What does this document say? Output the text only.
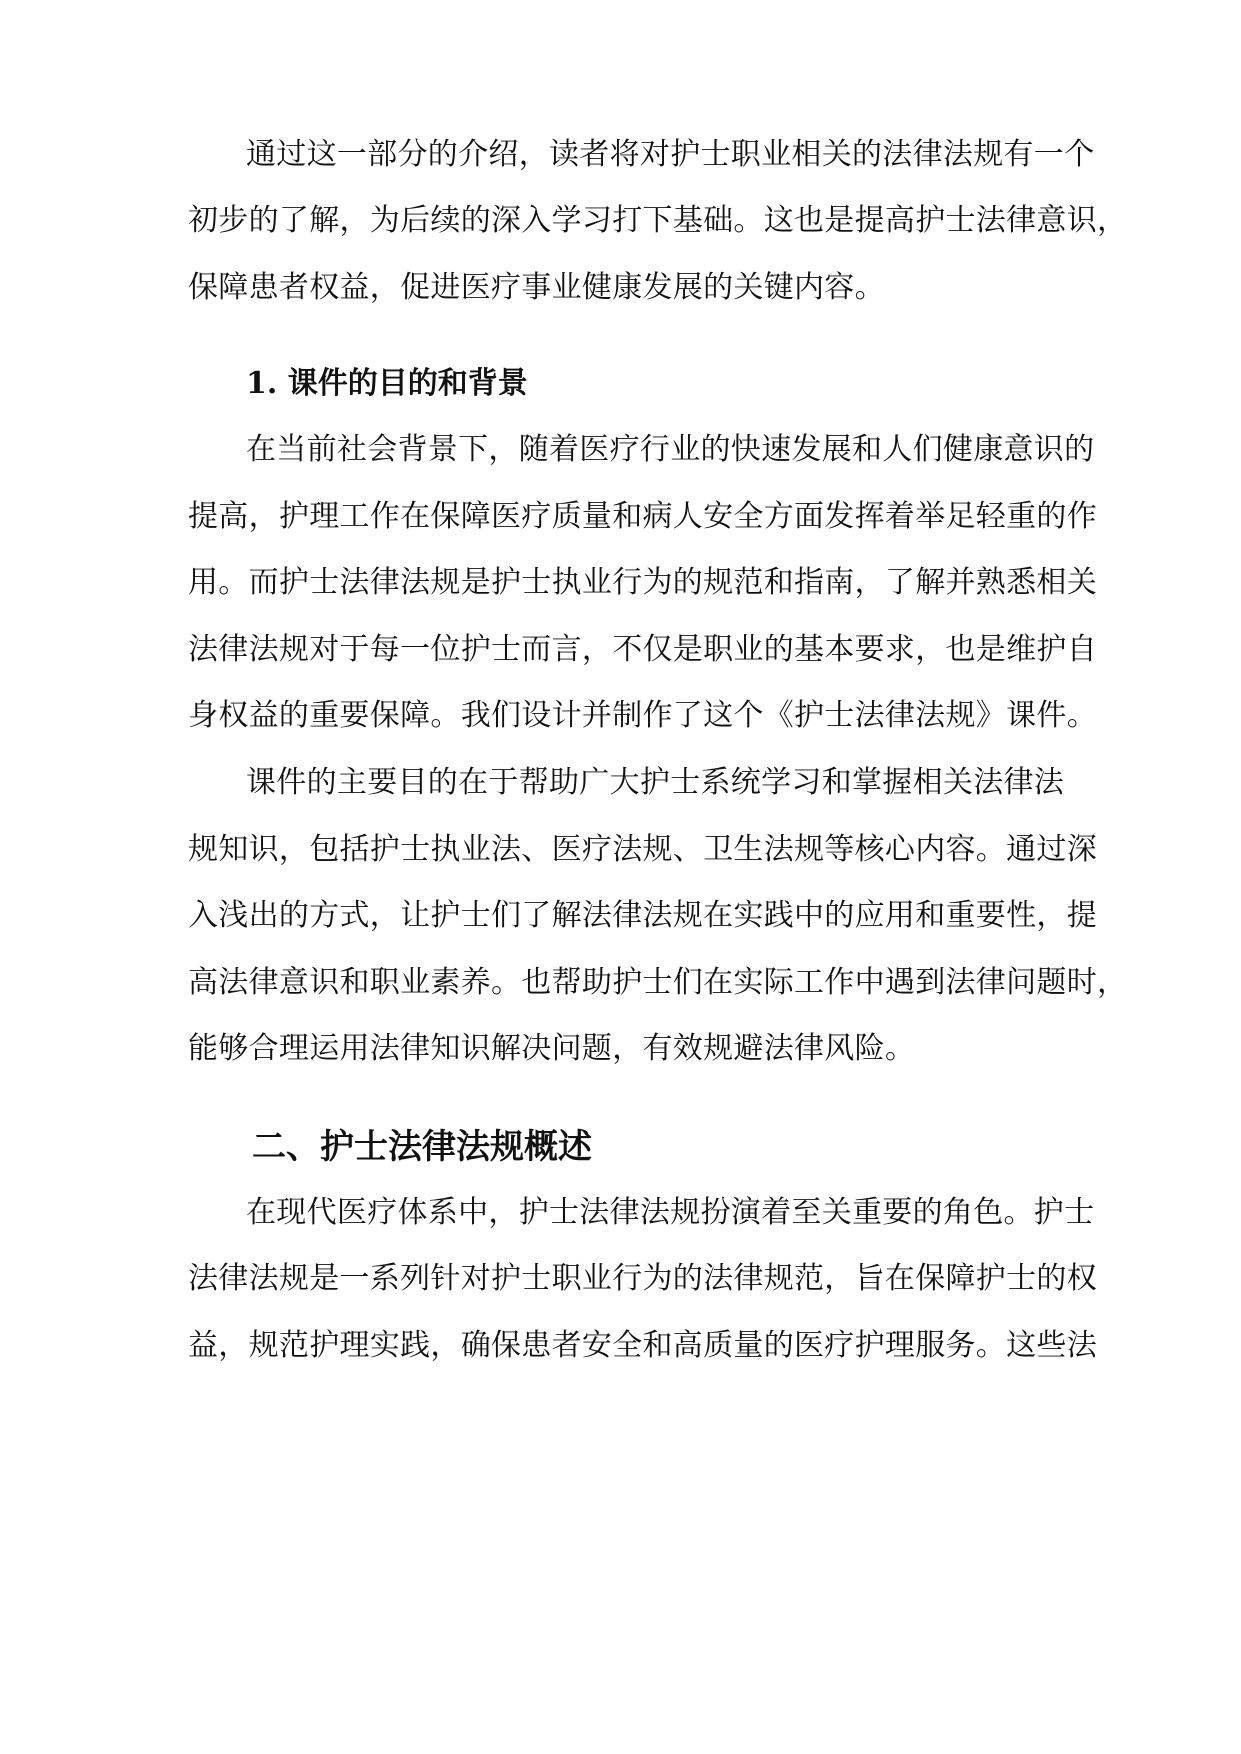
通过这一部分的介绍，读者将对护士职业相关的法律法规有一个
初步的了解，为后续的深入学习打下基础。这也是提高护士法律意识，
保障患者权益，促进医疗事业健康发展的关键内容。
1. 课件的目的和背景
在当前社会背景下，随着医疗行业的快速发展和人们健康意识的
提高，护理工作在保障医疗质量和病人安全方面发挥着举足轻重的作
用。而护士法律法规是护士执业行为的规范和指南，了解并熟悉相关
法律法规对于每一位护士而言，不仅是职业的基本要求，也是维护自
身权益的重要保障。我们设计并制作了这个《护士法律法规》课件。
课件的主要目的在于帮助广大护士系统学习和掌握相关法律法
规知识，包括护士执业法、医疗法规、卫生法规等核心内容。通过深
入浅出的方式，让护士们了解法律法规在实践中的应用和重要性，提
高法律意识和职业素养。也帮助护士们在实际工作中遇到法律问题时，
能够合理运用法律知识解决问题，有效规避法律风险。
二、护士法律法规概述
在现代医疗体系中，护士法律法规扮演着至关重要的角色。护士
法律法规是一系列针对护士职业行为的法律规范，旨在保障护士的权
益，规范护理实践，确保患者安全和高质量的医疗护理服务。这些法
